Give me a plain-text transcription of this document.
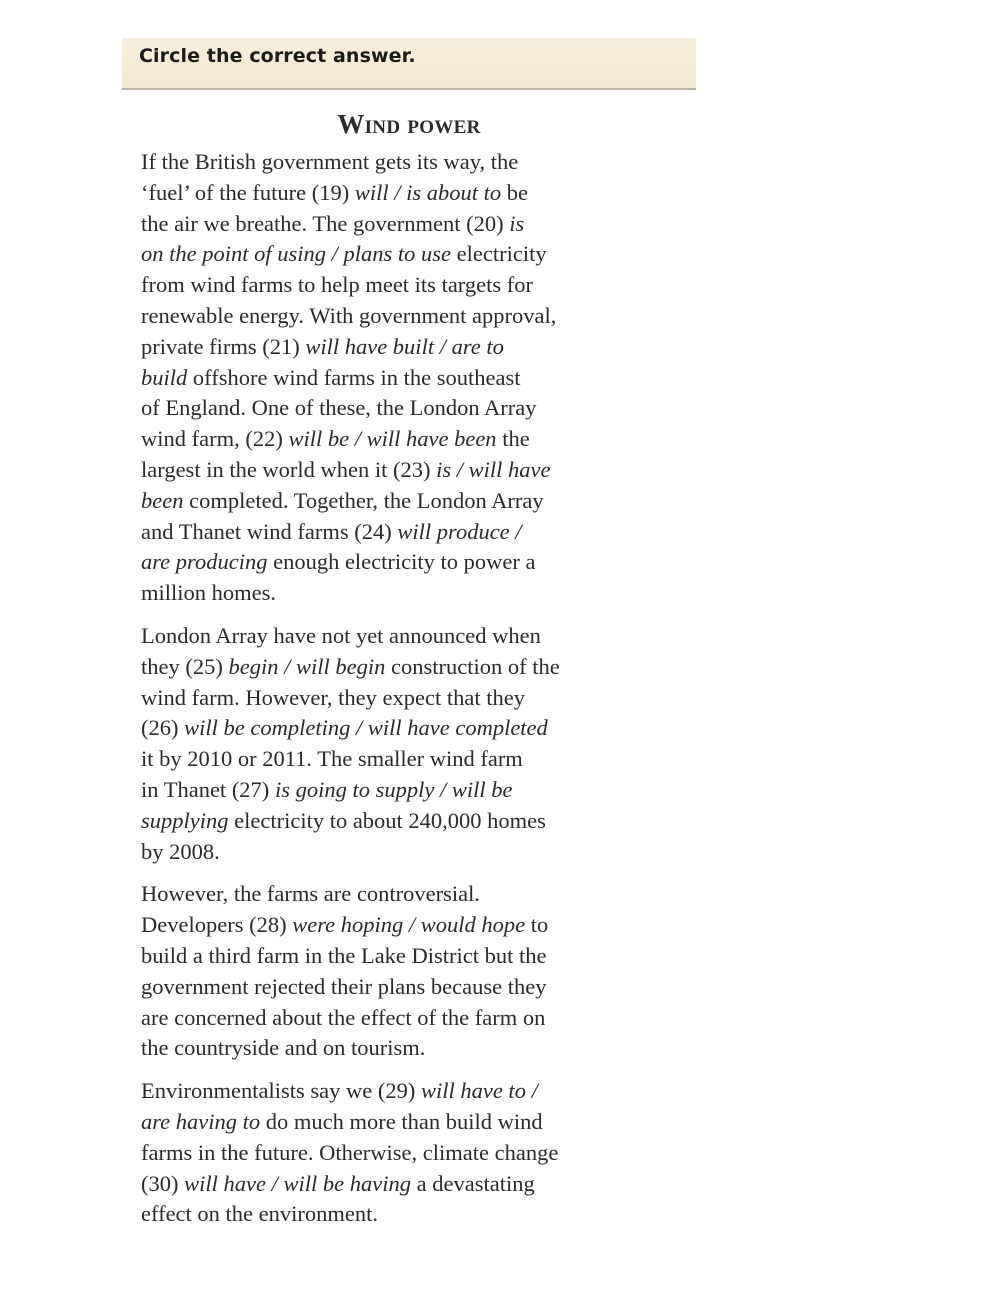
Circle the correct answer.
Wind power
If the British government gets its way, the
‘fuel’ of the future (19) will / is about to be
the air we breathe. The government (20) is
on the point of using / plans to use electricity
from wind farms to help meet its targets for
renewable energy. With government approval,
private firms (21) will have built / are to
build offshore wind farms in the southeast
of England. One of these, the London Array
wind farm, (22) will be / will have been the
largest in the world when it (23) is / will have
been completed. Together, the London Array
and Thanet wind farms (24) will produce /
are producing enough electricity to power a
million homes.
London Array have not yet announced when
they (25) begin / will begin construction of the
wind farm. However, they expect that they
(26) will be completing / will have completed
it by 2010 or 2011. The smaller wind farm
in Thanet (27) is going to supply / will be
supplying electricity to about 240,000 homes
by 2008.
However, the farms are controversial.
Developers (28) were hoping / would hope to
build a third farm in the Lake District but the
government rejected their plans because they
are concerned about the effect of the farm on
the countryside and on tourism.
Environmentalists say we (29) will have to /
are having to do much more than build wind
farms in the future. Otherwise, climate change
(30) will have / will be having a devastating
effect on the environment.
